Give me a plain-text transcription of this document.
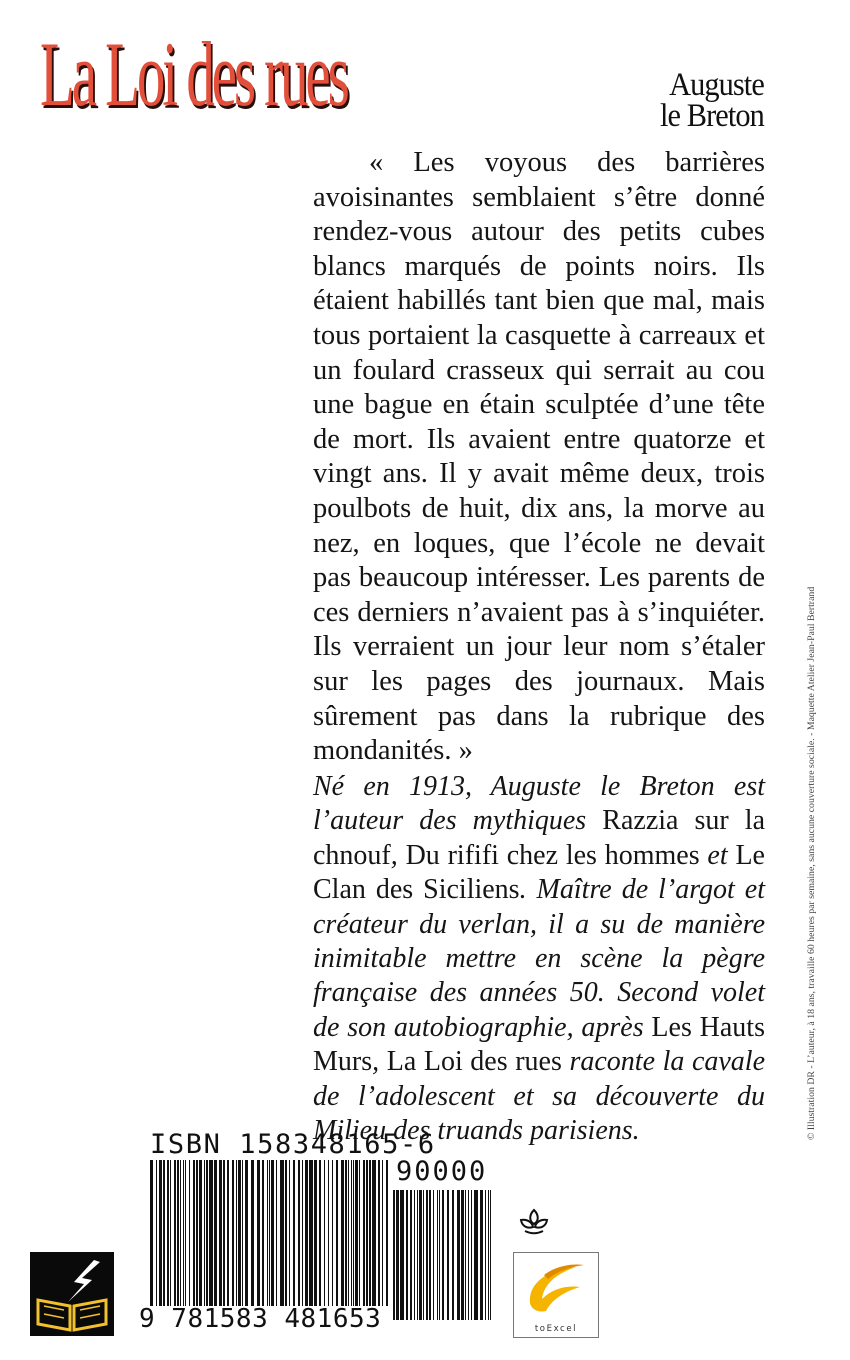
La Loi des rues	Auguste
le Breton

« Les voyous des barrières avoisinantes semblaient s’être donné rendez-vous autour des petits cubes blancs marqués de points noirs. Ils étaient habillés tant bien que mal, mais tous portaient la casquette à carreaux et un foulard crasseux qui serrait au cou une bague en étain sculptée d’une tête de mort. Ils avaient entre quatorze et vingt ans. Il y avait même deux, trois poulbots de huit, dix ans, la morve au nez, en loques, que l’école ne devait pas beaucoup intéresser. Les parents de ces derniers n’avaient pas à s’inquiéter. Ils verraient un jour leur nom s’étaler sur les pages des journaux. Mais sûrement pas dans la rubrique des mondanités. »

Né en 1913, Auguste le Breton est l’auteur des mythiques Razzia sur la chnouf, Du rififi chez les hommes et Le Clan des Siciliens. Maître de l’argot et créateur du verlan, il a su de manière inimitable mettre en scène la pègre française des années 50. Second volet de son autobiographie, après Les Hauts Murs, La Loi des rues raconte la cavale de l’adolescent et sa découverte du Milieu des truands parisiens.	© Illustration DR - L’auteur, à 18 ans, travaille 60 heures par semaine, sans aucune couverture sociale. - Maquette Atelier Jean-Paul Bertrand
ISBN 158348165-6
90000
9 781583 481653	toExcel
